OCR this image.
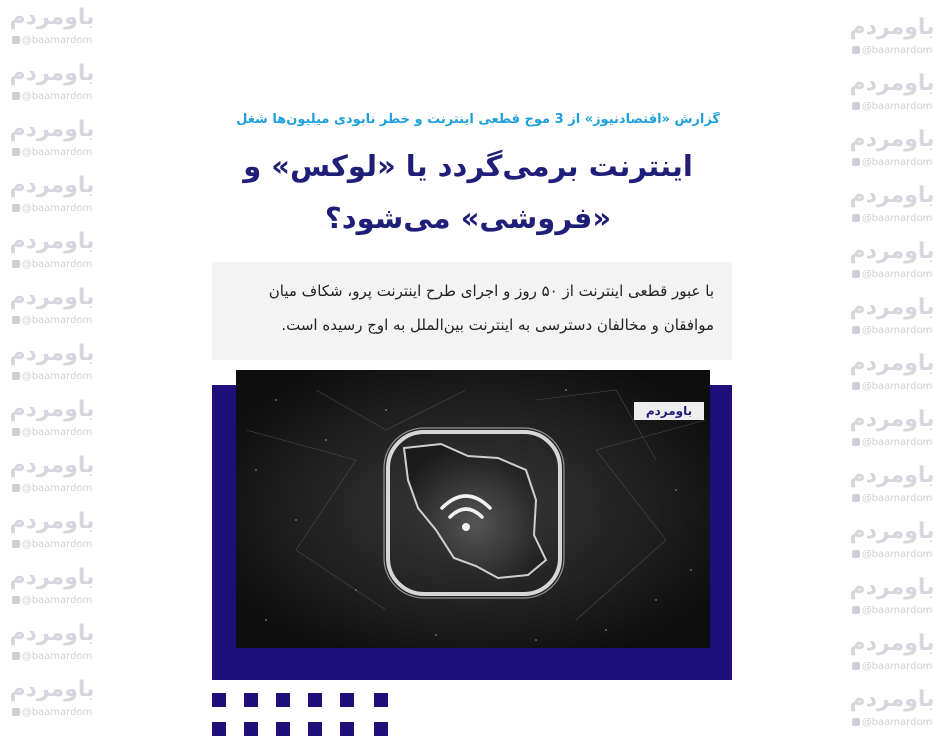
باومردم
@baamardom
باومردم
@baamardom
باومردم
@baamardom
باومردم
@baamardom
باومردم
@baamardom
باومردم
@baamardom
باومردم
@baamardom
باومردم
@baamardom
باومردم
@baamardom
باومردم
@baamardom
باومردم
@baamardom
باومردم
@baamardom
باومردم
@baamardom
باومردم
@baamardom
باومردم
@baamardom
باومردم
@baamardom
باومردم
@baamardom
باومردم
@baamardom
باومردم
@baamardom
باومردم
@baamardom
باومردم
@baamardom
باومردم
@baamardom
باومردم
@baamardom
باومردم
@baamardom
باومردم
@baamardom
باومردم
@baamardom
گزارش «اقتصادنیوز» از 3 موج قطعی اینترنت و خطر نابودی میلیون‌ها شغل
اینترنت برمی‌گردد یا «لوکس» و «فروشی» می‌شود؟
با عبور قطعی اینترنت از ۵۰ روز و اجرای طرح اینترنت پرو، شکاف میان موافقان و مخالفان دسترسی به اینترنت بین‌الملل به اوج رسیده است.
باومردم
